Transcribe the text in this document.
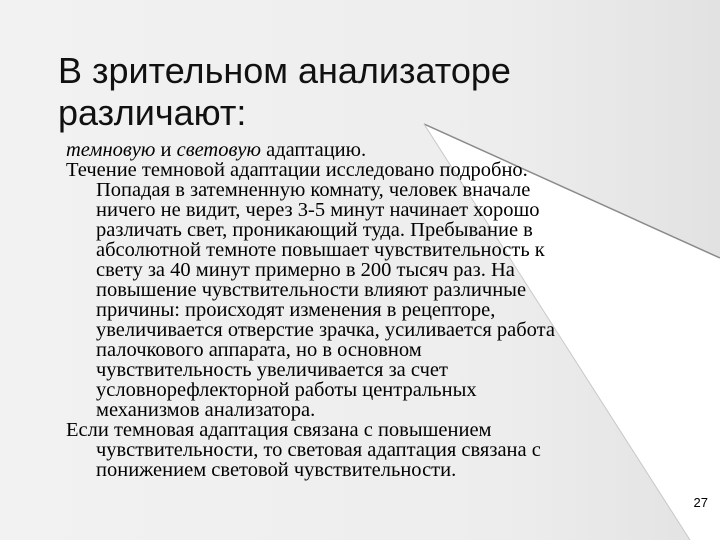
В зрительном анализаторе
различают:
темновую и световую адаптацию.

Течение темновой адаптации исследовано подробно.
Попадая в затемненную комнату, человек вначале
ничего не видит, через 3-5 минут начинает хорошо
различать свет, проникающий туда. Пребывание в
абсолютной темноте повышает чувствительность к
свету за 40 минут примерно в 200 тысяч раз. На
повышение чувствительности влияют различные
причины: происходят изменения в рецепторе,
увеличивается отверстие зрачка, усиливается работа
палочкового аппарата, но в основном
чувствительность увеличивается за счет
условнорефлекторной работы центральных
механизмов анализатора.

Если темновая адаптация связана с повышением
чувствительности, то световая адаптация связана с
понижением световой чувствительности.

27
